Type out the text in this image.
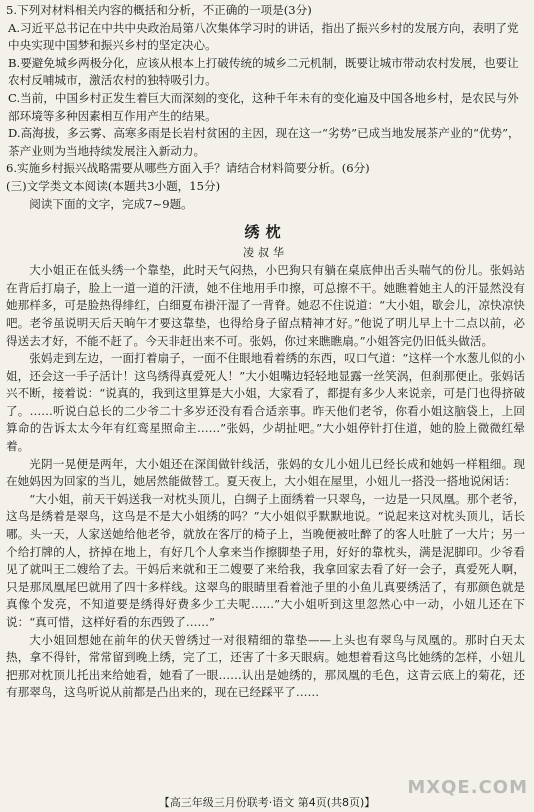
5.下列对材料相关内容的概括和分析，不正确的一项是(3分)

A.习近平总书记在中共中央政治局第八次集体学习时的讲话，指出了振兴乡村的发展方向，表明了党中央实现中国梦和振兴乡村的坚定决心。

B.要避免城乡两极分化，应该从根本上打破传统的城乡二元机制，既要让城市带动农村发展，也要让农村反哺城市，激活农村的独特吸引力。

C.当前，中国乡村正发生着巨大而深刻的变化，这种千年未有的变化遍及中国各地乡村，是农民与外部环境等多种因素相互作用产生的结果。

D.高海拔，多云雾、高寒多雨是长岩村贫困的主因，现在这一“劣势”已成当地发展茶产业的“优势”，茶产业则为当地持续发展注入新动力。

6.实施乡村振兴战略需要从哪些方面入手？请结合材料简要分析。(6分)

(三)文学类文本阅读(本题共3小题，15分)

阅读下面的文字，完成7~9题。

绣枕
凌叔华

大小姐正在低头绣一个靠垫，此时天气闷热，小巴狗只有躺在桌底伸出舌头喘气的份儿。张妈站在背后打扇子，脸上一道一道的汗渍，她不住地用手巾擦，可总擦不干。她瞧着她主人的汗显然没有她那样多，可是脸热得绯红，白细夏布褂汗湿了一背脊。她忍不住说道：“大小姐，歇会儿，凉快凉快吧。老爷虽说明天后天晌午才要这靠垫，也得给身子留点精神才好。”他说了明儿早上十二点以前，必得送去才好，不能不赶了。今天非赶出来不可。张妈，你过来瞧瞧扇。”小姐答完仍旧低头做活。

张妈走到左边，一面打着扇子，一面不住眼地看着绣的东西，叹口气道：“这样一个水葱儿似的小姐，还会这一手子活计！这鸟绣得真爱死人！”大小姐嘴边轻轻地显露一丝笑涡，但刹那便止。张妈话兴不断，接着说：“说真的，我到这里算是大小姐，大家看了，都提有多少人来说亲，可是门也得挤破了。……听说白总长的二少爷二十多岁还没有看合适亲事。昨天他们老爷，你看小姐这脑袋上，上回算命的告诉太太今年有红鸾星照命主……”张妈，少胡扯吧。”大小姐停针打住道，她的脸上微微红晕着。

光阴一晃便是两年，大小姐还在深闺做针线活，张妈的女儿小妞儿已经长成和她妈一样粗细。现在她妈因为回家的当儿，她居然能做替工。夏天夜上，大小姐在屋里，小妞儿一搭没一搭地说闲话：

“大小姐，前天干妈送我一对枕头顶儿，白绸子上面绣着一只翠鸟，一边是一只凤凰。那个老爷，这鸟是绣着是翠鸟，这鸟是不是大小姐绣的吗？”大小姐似乎默默地说。“说起来这对枕头顶儿，话长哪。头一天，人家送她给他老爷，就放在客厅的椅子上，当晚便被吐醉了的客人吐脏了一大片；另一个给打牌的人，挤掉在地上，有好几个人拿来当作擦脚垫子用，好好的靠枕头，满是泥脚印。少爷看见了就叫王二嫂给了去。干妈后来就和王二嫂要了来给我，我拿回家去看了好一会子，真爱死人啊，只是那凤凰尾巴就用了四十多样线。这翠鸟的眼睛里看着池子里的小鱼儿真要绣活了，有那颜色就是真像个发亮，不知道要是绣得好费多少工夫呢……”大小姐听到这里忽然心中一动，小妞儿还在下说：“真可惜，这样好看的东西毁了……”

大小姐回想她在前年的伏天曾绣过一对很精细的靠垫——上头也有翠鸟与凤凰的。那时白天太热，拿不得针，常常留到晚上绣，完了工，还害了十多天眼病。她想着看这鸟比她绣的怎样，小妞儿把那对枕顶儿托出来给她看，她看了一眼……认出是她绣的，那凤凰的毛色，这青云底上的菊花，还有那翠鸟，这鸟听说从前都是凸出来的，现在已经踩平了……

MXQE.COM
【高三年级三月份联考·语文 第4页(共8页)】
